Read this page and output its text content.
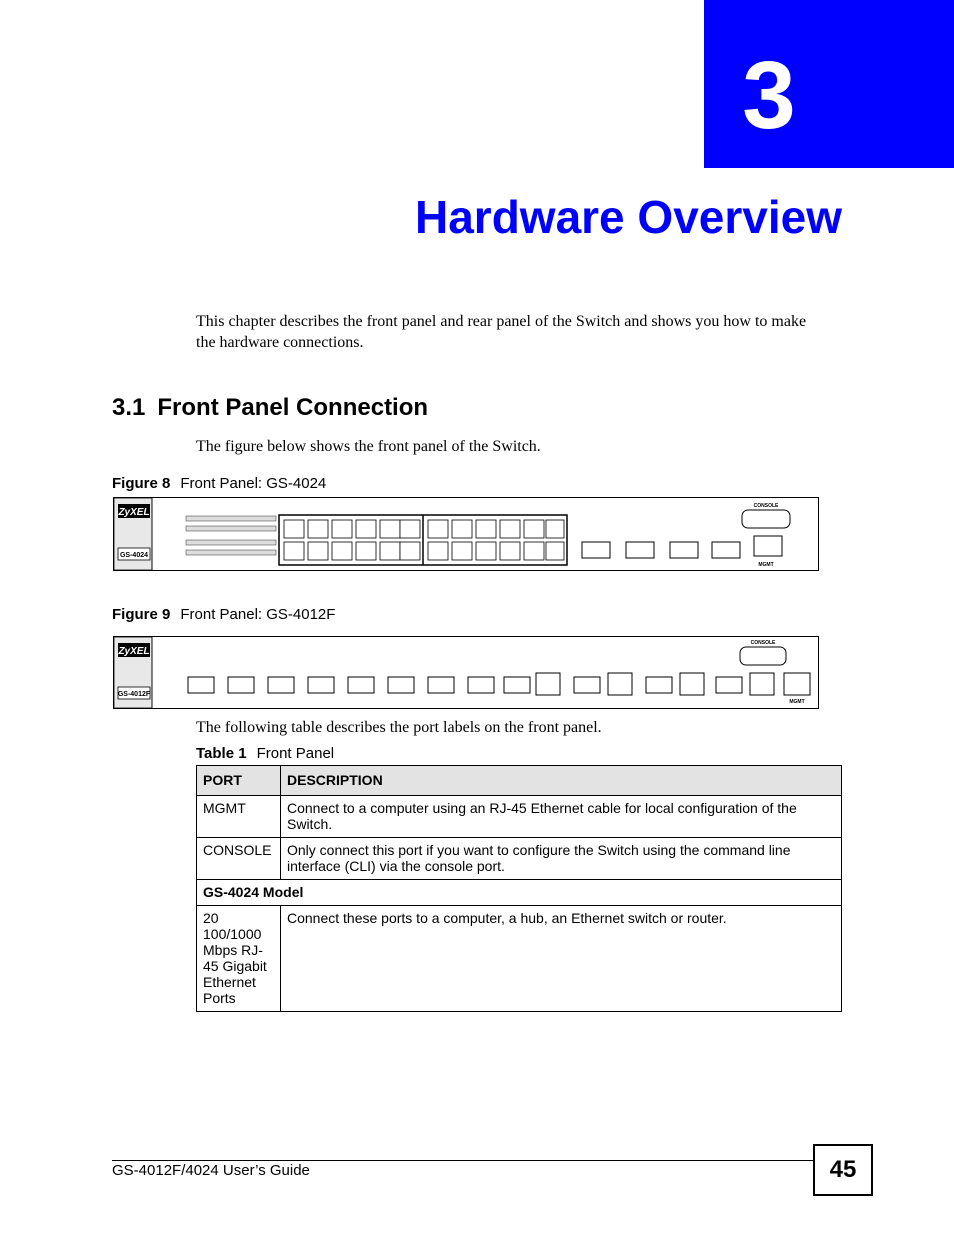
3
Hardware Overview
This chapter describes the front panel and rear panel of the Switch and shows you how to make the hardware connections.
3.1 Front Panel Connection
The figure below shows the front panel of the Switch.
Figure 8 Front Panel: GS-4024
ZyXEL
GS-4024
CONSOLE
MGMT
Figure 9 Front Panel: GS-4012F
ZyXEL
GS-4012F
CONSOLE
MGMT
The following table describes the port labels on the front panel.
Table 1 Front Panel
PORT	DESCRIPTION
MGMT	Connect to a computer using an RJ-45 Ethernet cable for local configuration of the Switch.
CONSOLE	Only connect this port if you want to configure the Switch using the command line interface (CLI) via the console port.
GS-4024 Model	
20 100/1000 Mbps RJ-45 Gigabit Ethernet Ports	Connect these ports to a computer, a hub, an Ethernet switch or router.
GS-4012F/4024 User’s Guide	45
